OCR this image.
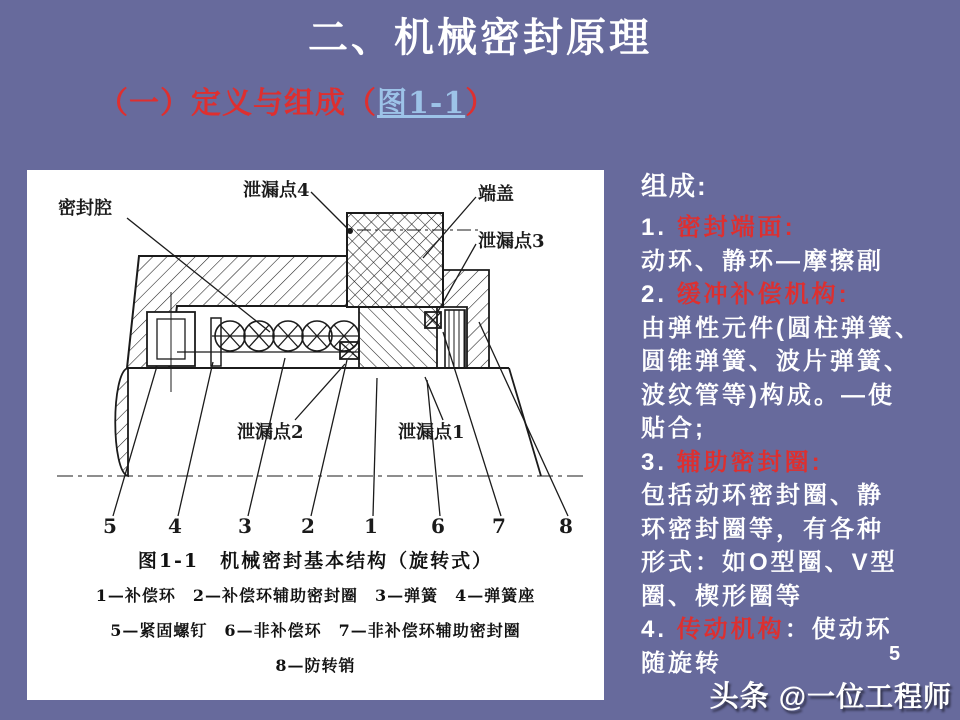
二、机械密封原理
（一）定义与组成（图1-1）
密封腔
泄漏点4	端盖
泄漏点3
泄漏点2	泄漏点1
5	4	3 2 1	6 7	8
图1-1　机械密封基本结构（旋转式）
1—补偿环　2—补偿环辅助密封圈　3—弹簧　4—弹簧座
5—紧固螺钉　6—非补偿环　7—非补偿环辅助密封圈
8—防转销
组成:
1. 密封端面:
动环、静环—摩擦副
2. 缓冲补偿机构:
由弹性元件(圆柱弹簧、
圆锥弹簧、波片弹簧、
波纹管等)构成。—使
贴合;
3. 辅助密封圈:
包括动环密封圈、静
环密封圈等，有各种
形式：如O型圈、V型
圈、楔形圈等
4. 传动机构：使动环
随旋转	5
头条 @一位工程师
